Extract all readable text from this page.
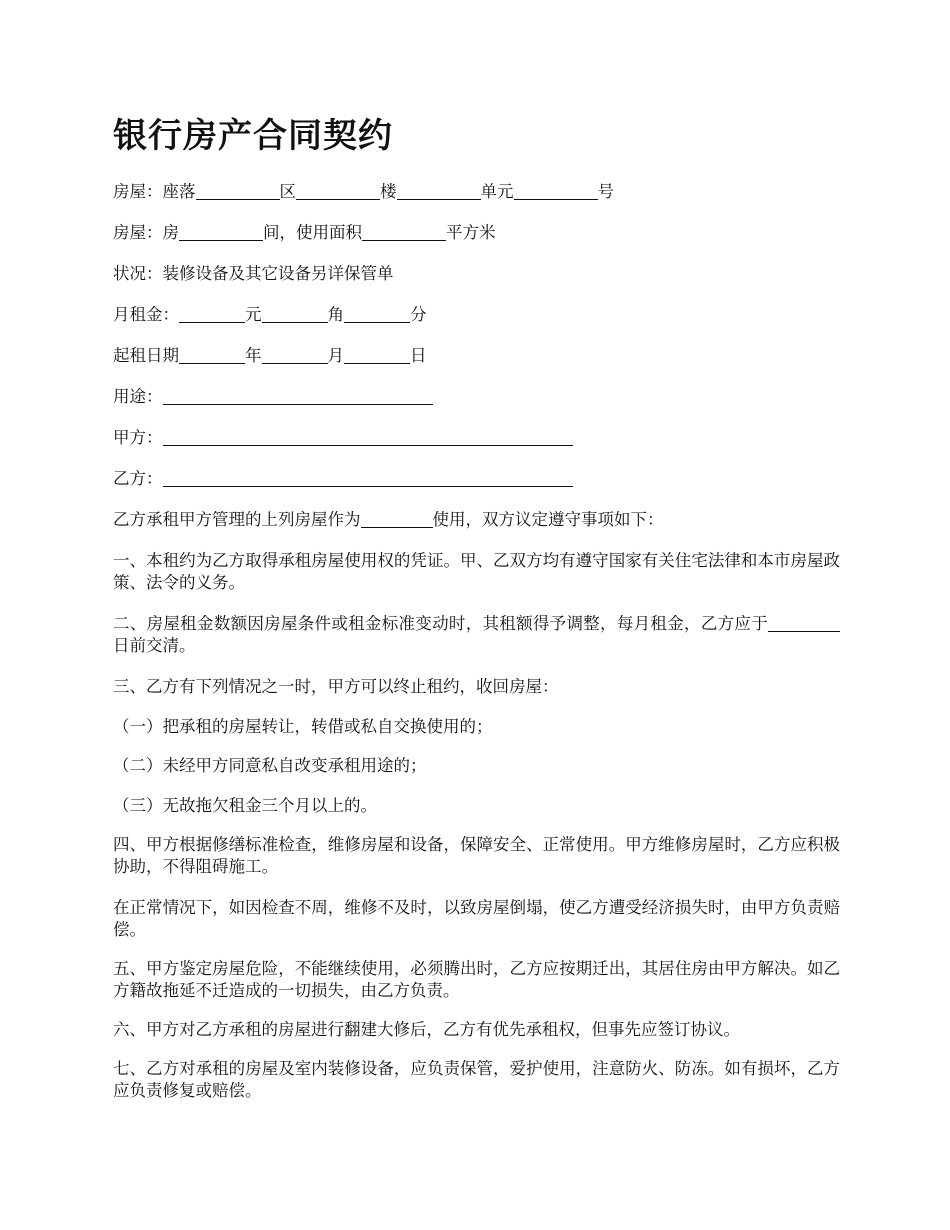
银行房产合同契约

房屋：座落	区	楼	单元	号

房屋：房	间，使用面积	平方米

状况：装修设备及其它设备另详保管单

月租金：	元	角	分

起租日期	年	月	日

用途：

甲方：

乙方：

乙方承租甲方管理的上列房屋作为	使用，双方议定遵守事项如下：

一、本租约为乙方取得承租房屋使用权的凭证。甲、乙双方均有遵守国家有关住宅法律和本市房屋政策、法令的义务。

二、房屋租金数额因房屋条件或租金标准变动时，其租额得予调整，每月租金，乙方应于日前交清。

三、乙方有下列情况之一时，甲方可以终止租约，收回房屋：

（一）把承租的房屋转让，转借或私自交换使用的；

（二）未经甲方同意私自改变承租用途的；

（三）无故拖欠租金三个月以上的。

四、甲方根据修缮标准检查，维修房屋和设备，保障安全、正常使用。甲方维修房屋时，乙方应积极协助，不得阻碍施工。

在正常情况下，如因检查不周，维修不及时，以致房屋倒塌，使乙方遭受经济损失时，由甲方负责赔偿。

五、甲方鉴定房屋危险，不能继续使用，必须腾出时，乙方应按期迁出，其居住房由甲方解决。如乙方籍故拖延不迁造成的一切损失，由乙方负责。

六、甲方对乙方承租的房屋进行翻建大修后，乙方有优先承租权，但事先应签订协议。

七、乙方对承租的房屋及室内装修设备，应负责保管，爱护使用，注意防火、防冻。如有损坏，乙方应负责修复或赔偿。
